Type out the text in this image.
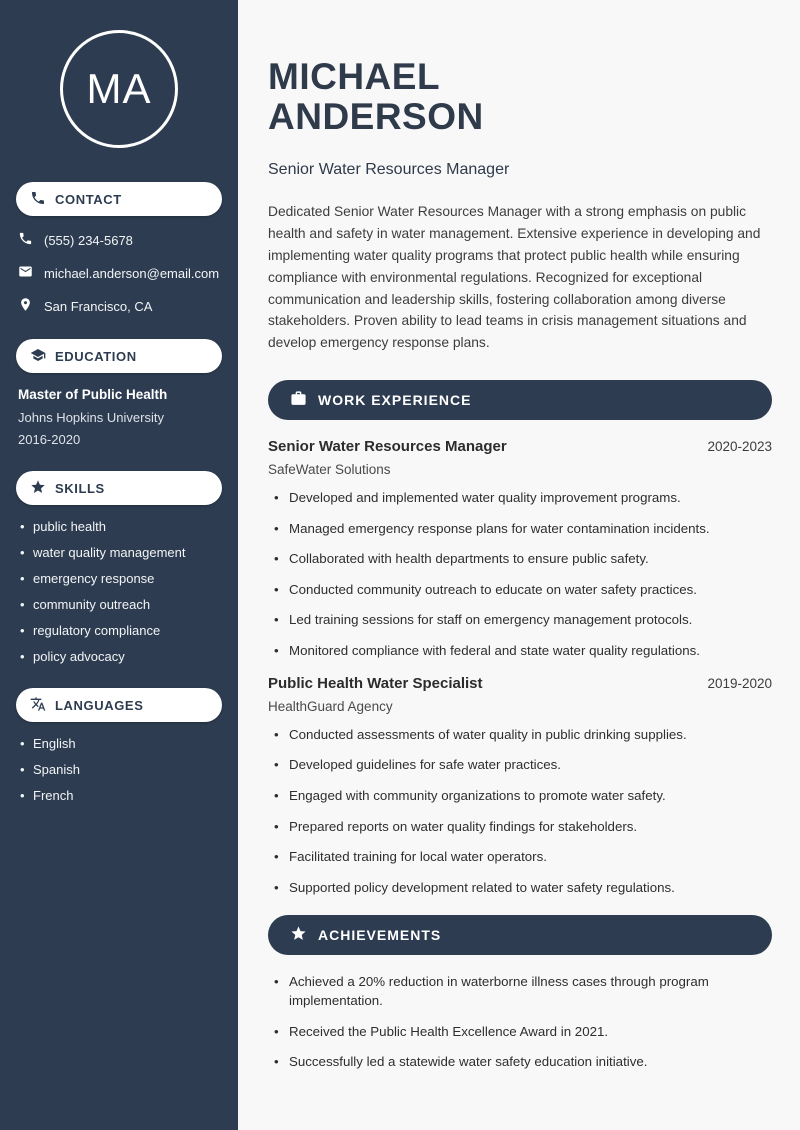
MA
CONTACT
(555) 234-5678
michael.anderson@email.com
San Francisco, CA
EDUCATION
Master of Public Health
Johns Hopkins University
2016-2020
SKILLS
• public health
• water quality management
• emergency response
• community outreach
• regulatory compliance
• policy advocacy
LANGUAGES
• English
• Spanish
• French
MICHAEL
ANDERSON
Senior Water Resources Manager

Dedicated Senior Water Resources Manager with a strong emphasis on public health and safety in water management. Extensive experience in developing and implementing water quality programs that protect public health while ensuring compliance with environmental regulations. Recognized for exceptional communication and leadership skills, fostering collaboration among diverse stakeholders. Proven ability to lead teams in crisis management situations and develop emergency response plans.

WORK EXPERIENCE
Senior Water Resources Manager	2020-2023
SafeWater Solutions
• Developed and implemented water quality improvement programs.
• Managed emergency response plans for water contamination incidents.
• Collaborated with health departments to ensure public safety.
• Conducted community outreach to educate on water safety practices.
• Led training sessions for staff on emergency management protocols.
• Monitored compliance with federal and state water quality regulations.
Public Health Water Specialist	2019-2020
HealthGuard Agency
• Conducted assessments of water quality in public drinking supplies.
• Developed guidelines for safe water practices.
• Engaged with community organizations to promote water safety.
• Prepared reports on water quality findings for stakeholders.
• Facilitated training for local water operators.
• Supported policy development related to water safety regulations.
ACHIEVEMENTS
• Achieved a 20% reduction in waterborne illness cases through program implementation.
• Received the Public Health Excellence Award in 2021.
• Successfully led a statewide water safety education initiative.
